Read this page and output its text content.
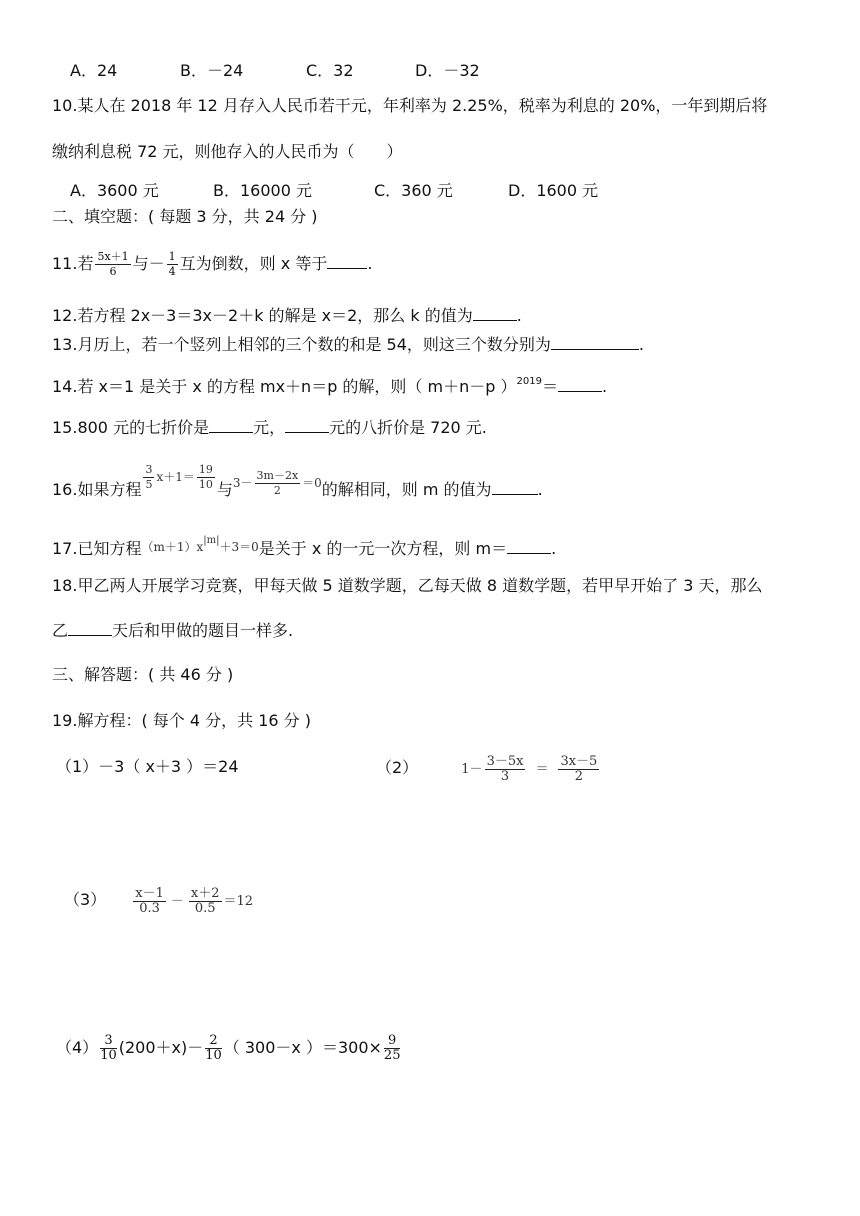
A．24	B．－24	C．32	D．－32
10.某人在 2018 年 12 月存入人民币若干元，年利率为 2.25%，税率为利息的 20%，一年到期后将
缴纳利息税 72 元，则他存入的人民币为（　　）
A．3600 元	B．16000 元	C．360 元	D．1600 元
二、填空题：( 每题 3 分，共 24 分 )
11.若 $\frac{5x+1}{6}$ 与－ $\frac{1}{4}$ 互为倒数，则 x 等于	.
12.若方程 2x－3＝3x－2＋k 的解是 x＝2，那么 k 的值为	.
13.月历上，若一个竖列上相邻的三个数的和是 54，则这三个数分别为	.
14.若 x＝1 是关于 x 的方程 mx＋n＝p 的解，则（ m＋n－p ）$^{2019}$＝	.
15.800 元的七折价是	元，	元的八折价是 720 元.
16.如果方程 $^{\frac{3}{5} x+1= \frac{19}{10}}$ 与$^{3- \frac{3m-2x}{2} =0}$的解相同，则 m 的值为	.
17.已知方程$(m+1)x^{|m|}+3=0$是关于 x 的一元一次方程，则 m＝	.
18.甲乙两人开展学习竞赛，甲每天做 5 道数学题，乙每天做 8 道数学题，若甲早开始了 3 天，那么
乙	天后和甲做的题目一样多.
三、解答题：( 共 46 分 )
19.解方程：( 每个 4 分，共 16 分 )
（1）－3（ x＋3 ）＝24	（2）	$1- \frac{3-5x}{3} = \frac{3x-5}{2}$
$(3) \frac{x-1}{0.3} - \frac{x+2}{0.5} =12$
$(4) \frac{3}{10} (200+x)- \frac{2}{10}$ （ 300－x ）$=300\times \frac{9}{25}$
